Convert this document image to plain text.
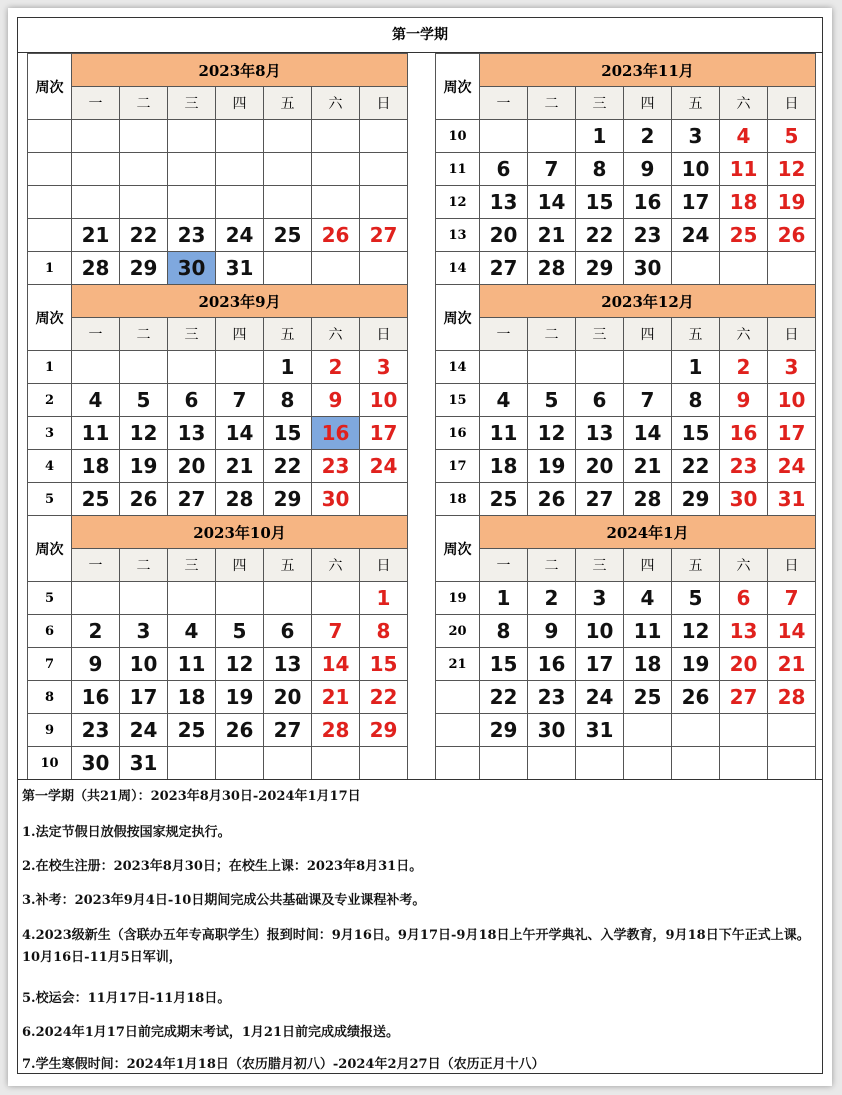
第一学期
周次	2023年8月						
	一	二	三	四	五	六	日

	21	22	23	24	25	26	27
1	28	29	30	31			
周次	2023年11月						
	一	二	三	四	五	六	日
10			1	2	3	4	5
11	6	7	8	9	10	11	12
12	13	14	15	16	17	18	19
13	20	21	22	23	24	25	26
14	27	28	29	30			
周次	2023年9月						
	一	二	三	四	五	六	日
1					1	2	3
2	4	5	6	7	8	9	10
3	11	12	13	14	15	16	17
4	18	19	20	21	22	23	24
5	25	26	27	28	29	30	
周次	2023年12月						
	一	二	三	四	五	六	日
14					1	2	3
15	4	5	6	7	8	9	10
16	11	12	13	14	15	16	17
17	18	19	20	21	22	23	24
18	25	26	27	28	29	30	31
周次	2023年10月						
	一	二	三	四	五	六	日
5							1
6	2	3	4	5	6	7	8
7	9	10	11	12	13	14	15
8	16	17	18	19	20	21	22
9	23	24	25	26	27	28	29
10	30	31					
周次	2024年1月						
	一	二	三	四	五	六	日
19	1	2	3	4	5	6	7
20	8	9	10	11	12	13	14
21	15	16	17	18	19	20	21
	22	23	24	25	26	27	28
	29	30	31				

第一学期（共21周）：2023年8月30日-2024年1月17日
1.法定节假日放假按国家规定执行。
2.在校生注册：2023年8月30日；在校生上课：2023年8月31日。
3.补考：2023年9月4日-10日期间完成公共基础课及专业课程补考。
4.2023级新生（含联办五年专高职学生）报到时间：9月16日。9月17日-9月18日上午开学典礼、入学教育，9月18日下午正式上课。10月16日-11月5日军训，
5.校运会：11月17日-11月18日。
6.2024年1月17日前完成期末考试，1月21日前完成成绩报送。
7.学生寒假时间：2024年1月18日（农历腊月初八）-2024年2月27日（农历正月十八）
